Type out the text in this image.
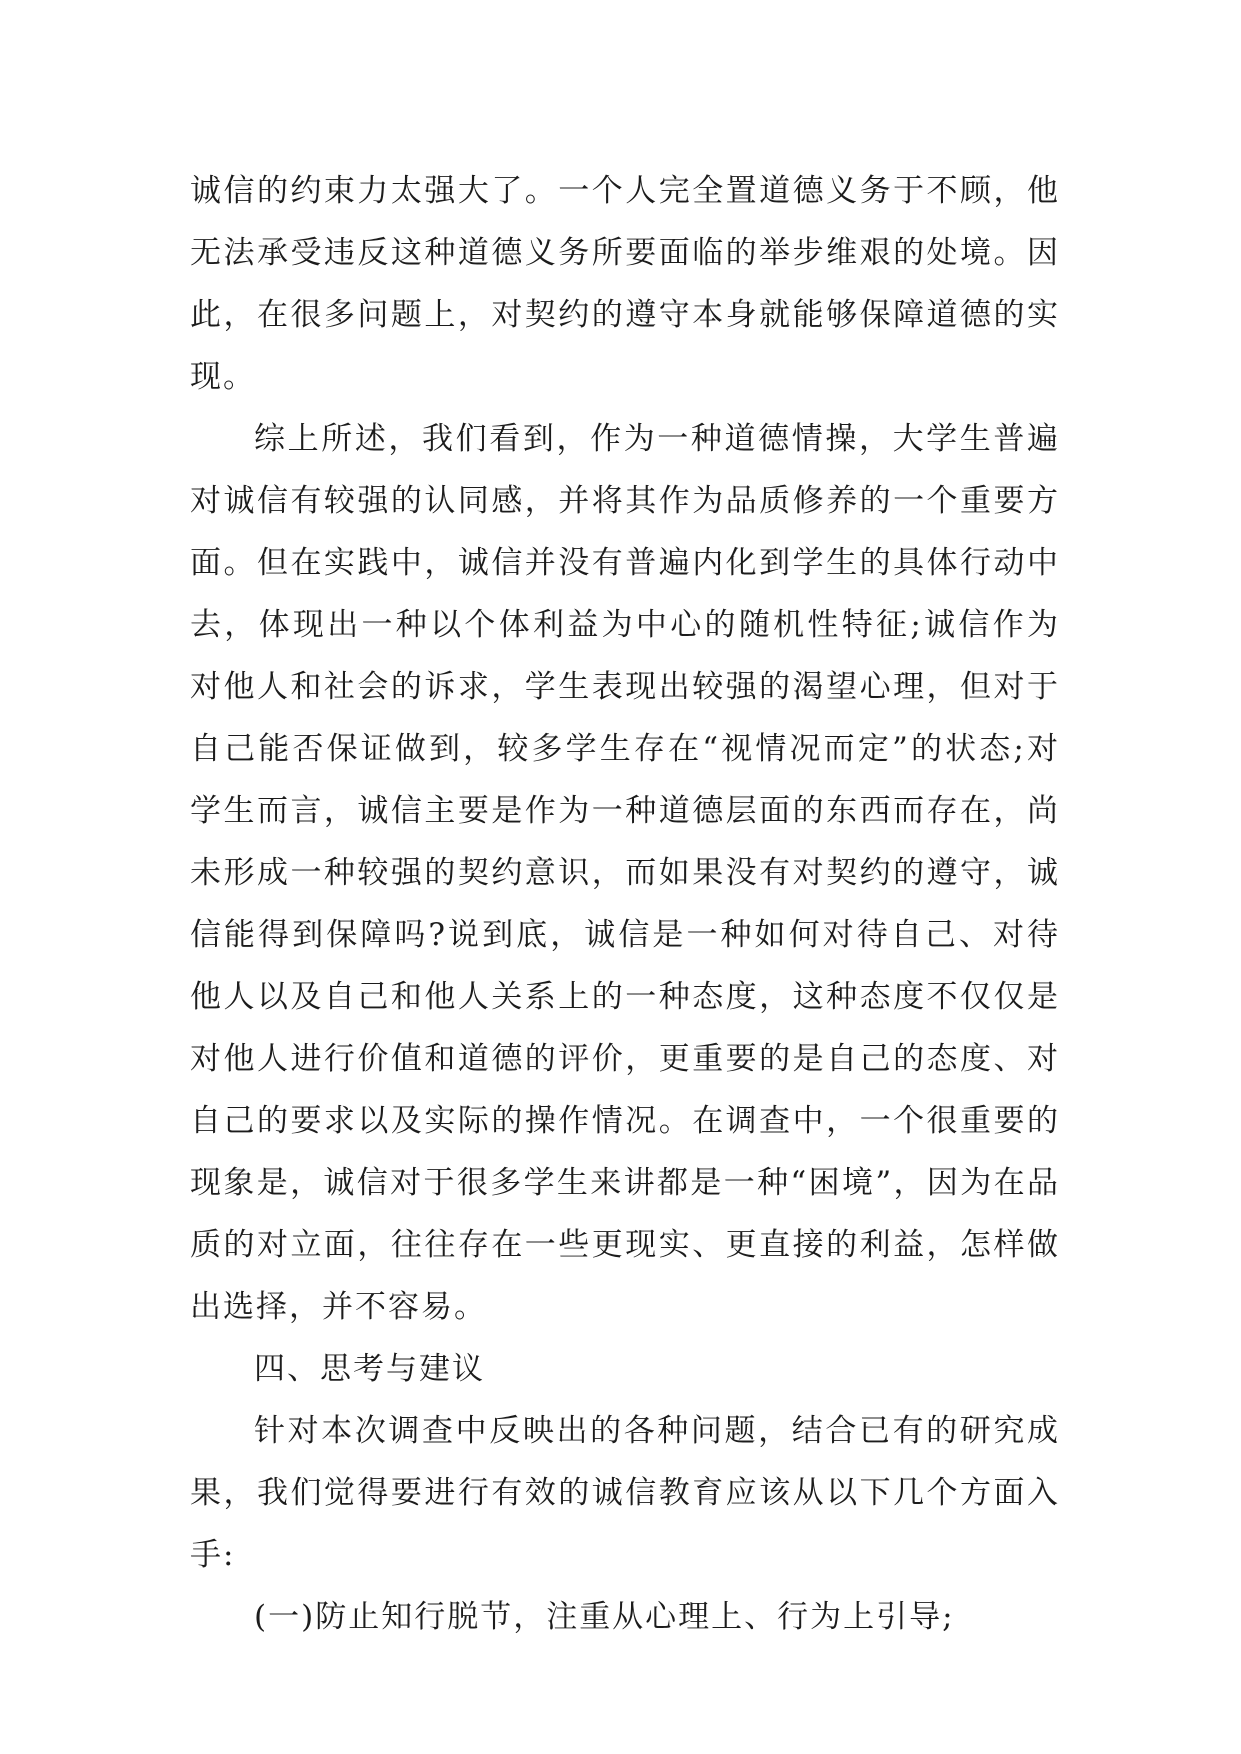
诚信的约束力太强大了。一个人完全置道德义务于不顾，他无法承受违反这种道德义务所要面临的举步维艰的处境。因此，在很多问题上，对契约的遵守本身就能够保障道德的实现。

综上所述，我们看到，作为一种道德情操，大学生普遍对诚信有较强的认同感，并将其作为品质修养的一个重要方面。但在实践中，诚信并没有普遍内化到学生的具体行动中去，体现出一种以个体利益为中心的随机性特征;诚信作为对他人和社会的诉求，学生表现出较强的渴望心理，但对于自己能否保证做到，较多学生存在“视情况而定”的状态;对学生而言，诚信主要是作为一种道德层面的东西而存在，尚未形成一种较强的契约意识，而如果没有对契约的遵守，诚信能得到保障吗?说到底，诚信是一种如何对待自己、对待他人以及自己和他人关系上的一种态度，这种态度不仅仅是对他人进行价值和道德的评价，更重要的是自己的态度、对自己的要求以及实际的操作情况。在调查中，一个很重要的现象是，诚信对于很多学生来讲都是一种“困境”，因为在品质的对立面，往往存在一些更现实、更直接的利益，怎样做出选择，并不容易。

四、思考与建议

针对本次调查中反映出的各种问题，结合已有的研究成果，我们觉得要进行有效的诚信教育应该从以下几个方面入手:

(一)防止知行脱节，注重从心理上、行为上引导;
